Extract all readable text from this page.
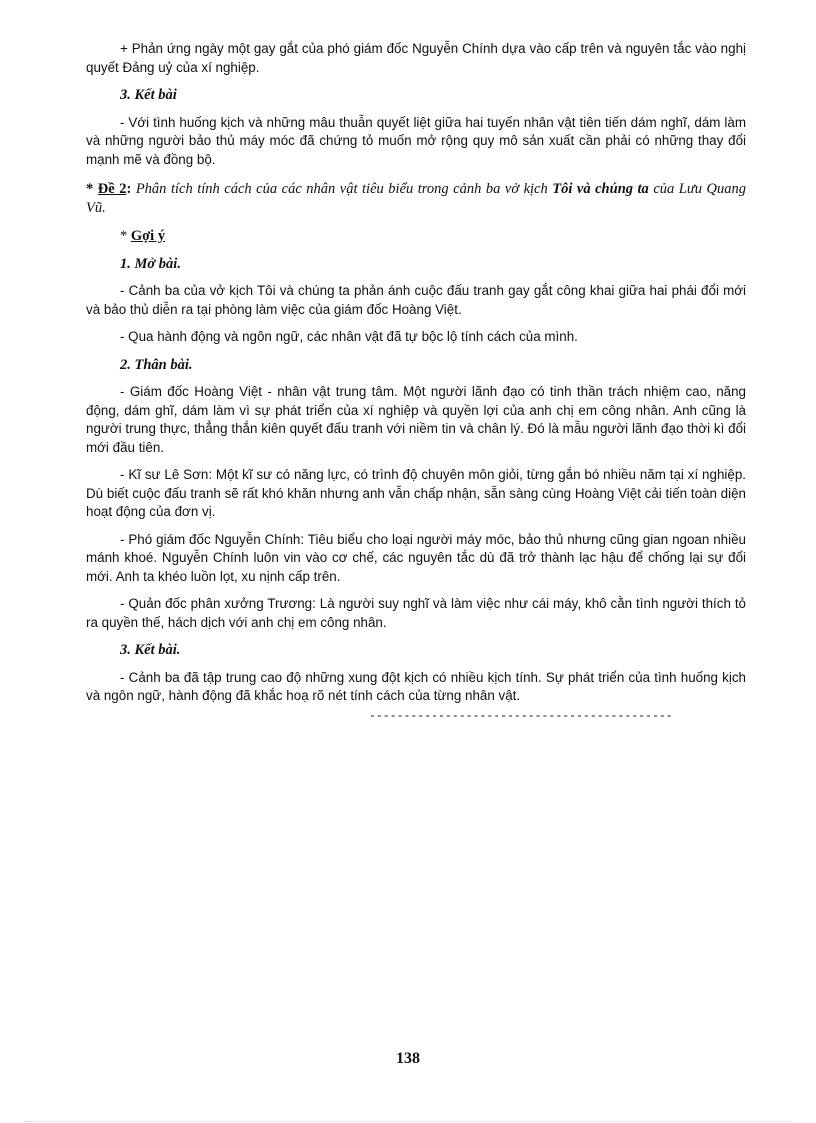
+ Phản ứng ngày một gay gắt của phó giám đốc Nguyễn Chính dựa vào cấp trên và nguyên tắc vào nghị quyết Đảng uỷ của xí nghiệp.

3. Kết bài

- Với tình huống kịch và những mâu thuẫn quyết liệt giữa hai tuyến nhân vật tiên tiến dám nghĩ, dám làm và những người bảo thủ máy móc đã chứng tỏ muốn mở rộng quy mô sản xuất cần phải có những thay đổi mạnh mẽ và đồng bộ.

* Đề 2: Phân tích tính cách của các nhân vật tiêu biểu trong cảnh ba vở kịch Tôi và chúng ta của Lưu Quang Vũ.

* Gợi ý

1. Mở bài.

- Cảnh ba của vở kịch Tôi và chúng ta phản ánh cuộc đấu tranh gay gắt công khai giữa hai phái đổi mới và bảo thủ diễn ra tại phòng làm việc của giám đốc Hoàng Việt.

- Qua hành động và ngôn ngữ, các nhân vật đã tự bộc lộ tính cách của mình.

2. Thân bài.

- Giám đốc Hoàng Việt - nhân vật trung tâm. Một người lãnh đạo có tinh thần trách nhiệm cao, năng động, dám ghĩ, dám làm vì sự phát triển của xí nghiệp và quyền lợi của anh chị em công nhân. Anh cũng là người trung thực, thẳng thắn kiên quyết đấu tranh với niềm tin và chân lý. Đó là mẫu người lãnh đạo thời kì đổi mới đầu tiên.

- Kĩ sư Lê Sơn: Một kĩ sư có năng lực, có trình độ chuyên môn giỏi, từng gắn bó nhiều năm tại xí nghiệp. Dù biết cuộc đấu tranh sẽ rất khó khăn nhưng anh vẫn chấp nhận, sẵn sàng cùng Hoàng Việt cải tiến toàn diện hoạt động của đơn vị.

- Phó giám đốc Nguyễn Chính: Tiêu biểu cho loại người máy móc, bảo thủ nhưng cũng gian ngoan nhiều mánh khoé. Nguyễn Chính luôn vin vào cơ chế, các nguyên tắc dù đã trở thành lạc hậu để chống lại sự đổi mới. Anh ta khéo luồn lọt, xu nịnh cấp trên.

- Quản đốc phân xưởng Trương: Là người suy nghĩ và làm việc như cái máy, khô cằn tình người thích tỏ ra quyền thế, hách dịch với anh chị em công nhân.

3. Kết bài.

- Cảnh ba đã tập trung cao độ những xung đột kịch có nhiều kịch tính. Sự phát triển của tình huống kịch và ngôn ngữ, hành động đã khắc hoạ rõ nét tính cách của từng nhân vật.

--------------------------------------------
138
